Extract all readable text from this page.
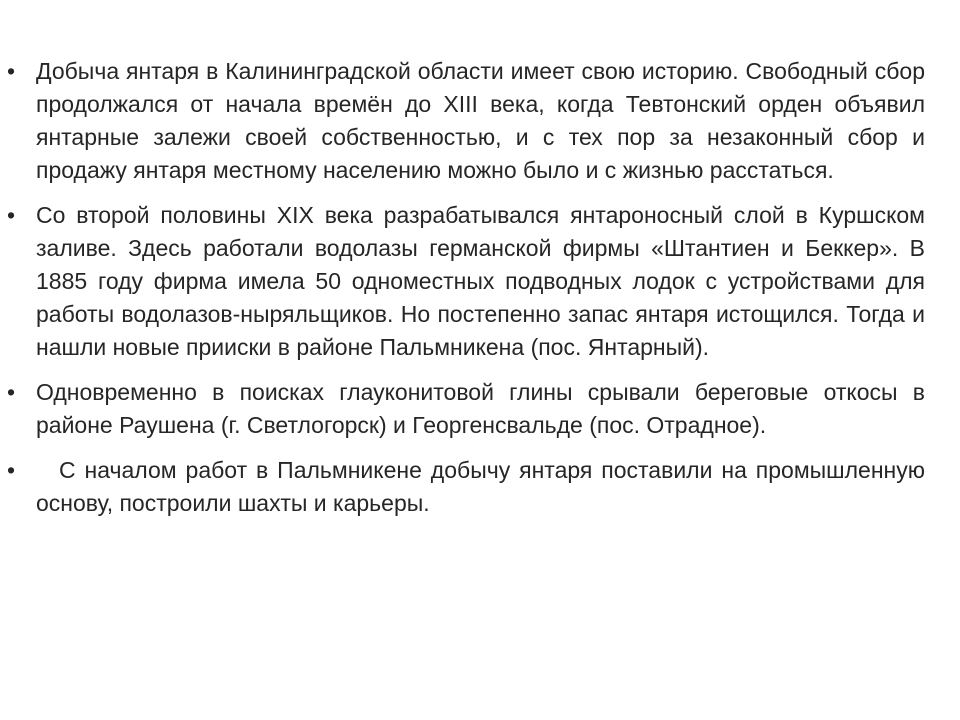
• Добыча янтаря в Калининградской области имеет свою историю. Свободный сбор продолжался от начала времён до XIII века, когда Тевтонский орден объявил янтарные залежи своей собственностью, и с тех пор за незаконный сбор и продажу янтаря местному населению можно было и с жизнью расстаться.
• Со второй половины XIX века разрабатывался янтароносный слой в Куршском заливе. Здесь работали водолазы германской фирмы «Штантиен и Беккер». В 1885 году фирма имела 50 одноместных подводных лодок с устройствами для работы водолазов-ныряльщиков. Но постепенно запас янтаря истощился. Тогда и нашли новые прииски в районе Пальмникена (пос. Янтарный).
• Одновременно в поисках глауконитовой глины срывали береговые откосы в районе Раушена (г. Светлогорск) и Георгенсвальде (пос. Отрадное).
•	С началом работ в Пальмникене добычу янтаря поставили на промышленную основу, построили шахты и карьеры.
